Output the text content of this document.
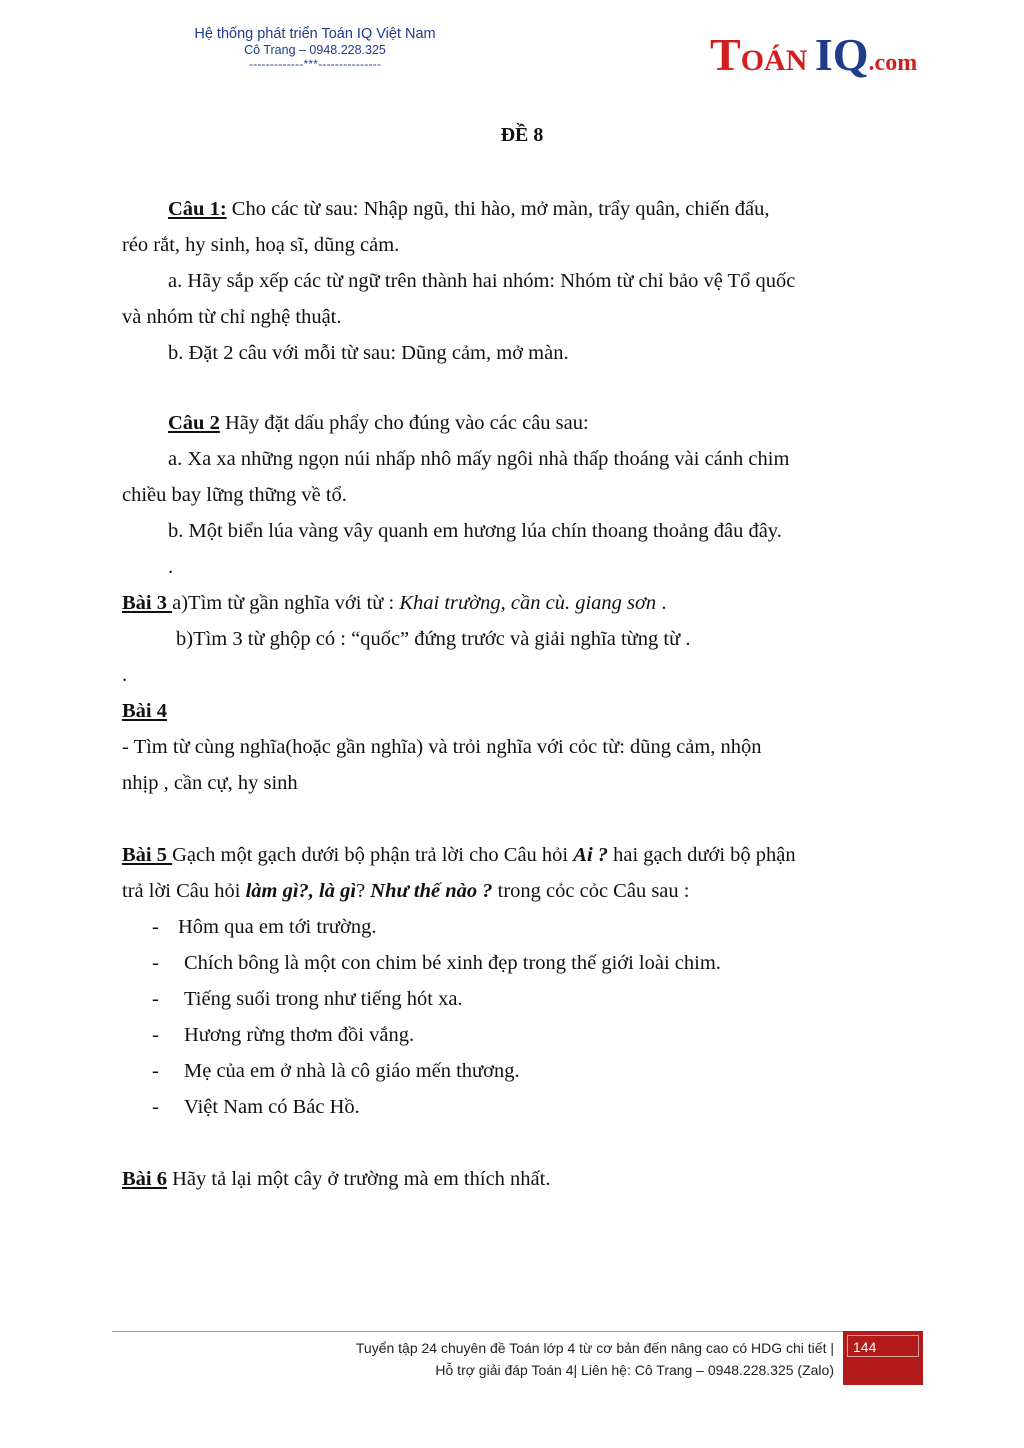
Hệ thống phát triển Toán IQ Việt Nam
Cô Trang – 0948.228.325
-------------***---------------	TOÁN IQ.com
ĐỀ 8
Câu 1: Cho các từ sau: Nhập ngũ, thi hào, mở màn, trẩy quân, chiến đấu,
réo rắt, hy sinh, hoạ sĩ, dũng cảm.
a. Hãy sắp xếp các từ ngữ trên thành hai nhóm: Nhóm từ chỉ bảo vệ Tổ quốc
và nhóm từ chỉ nghệ thuật.
b. Đặt 2 câu với mỗi từ sau: Dũng cảm, mở màn.
Câu 2 Hãy đặt dấu phẩy cho đúng vào các câu sau:
a. Xa xa những ngọn núi nhấp nhô mấy ngôi nhà thấp thoáng vài cánh chim
chiều bay lững thững về tổ.
b. Một biển lúa vàng vây quanh em hương lúa chín thoang thoảng đâu đây.
.
Bài 3 a)Tìm từ gần nghĩa với từ : Khai trường, cần cù. giang sơn .
b)Tìm 3 từ ghộp có : “quốc” đứng trước và giải nghĩa từng từ .
.
Bài 4
- Tìm từ cùng nghĩa(hoặc gần nghĩa) và trỏi nghĩa với cỏc từ: dũng cảm, nhộn
nhịp , cần cự, hy sinh
Bài 5 Gạch một gạch dưới bộ phận trả lời cho Câu hỏi Ai ? hai gạch dưới bộ phận
trả lời Câu hỏi làm gì?, là gì? Như thế nào ? trong cỏc cỏc Câu sau :
- Hôm qua em tới trường.
-	Chích bông là một con chim bé xinh đẹp trong thế giới loài chim.
-	Tiếng suối trong như tiếng hót xa.
-	Hương rừng thơm đồi vắng.
-	Mẹ của em ở nhà là cô giáo mến thương.
-	Việt Nam có Bác Hồ.
Bài 6 Hãy tả lại một cây ở trường mà em thích nhất.
Tuyển tập 24 chuyên đề Toán lớp 4 từ cơ bản đến nâng cao có HDG chi tiết |
Hỗ trợ giải đáp Toán 4| Liên hệ: Cô Trang – 0948.228.325 (Zalo)
144
